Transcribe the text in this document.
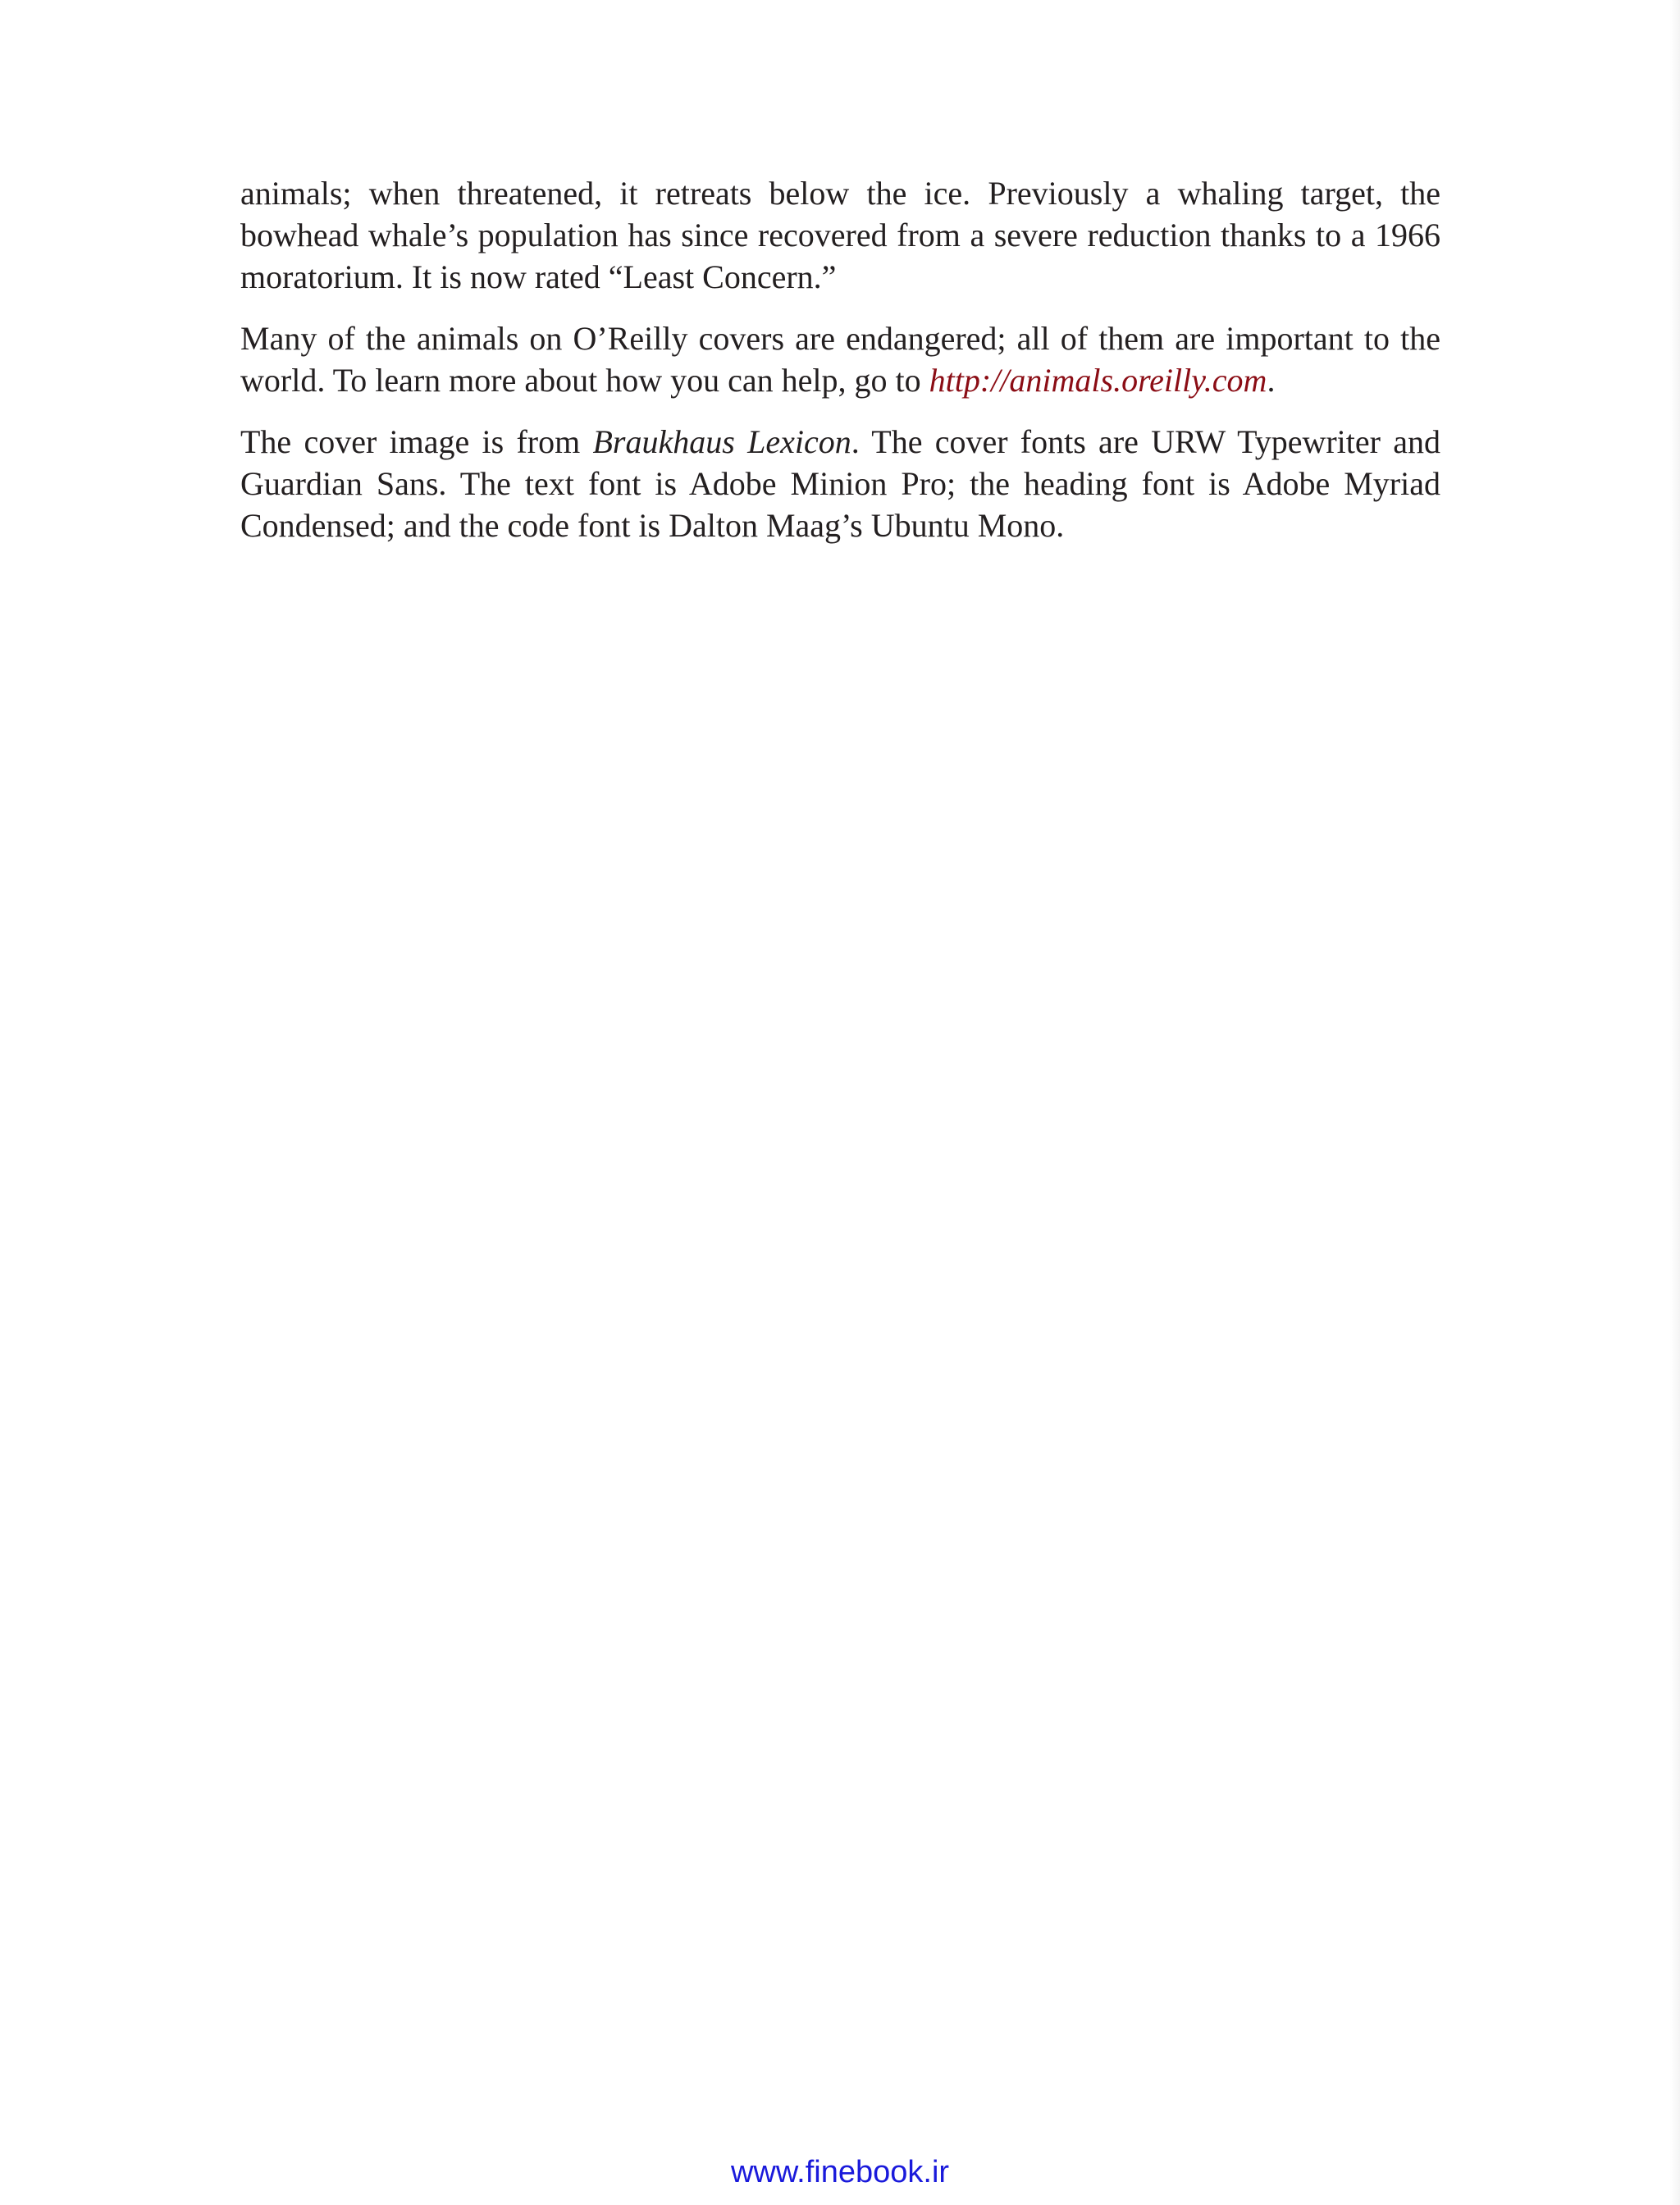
animals; when threatened, it retreats below the ice. Previously a whaling target, the bowhead whale’s population has since recovered from a severe reduction thanks to a 1966 moratorium. It is now rated “Least Concern.”

Many of the animals on O’Reilly covers are endangered; all of them are important to the world. To learn more about how you can help, go to http://animals.oreilly.com.

The cover image is from Braukhaus Lexicon. The cover fonts are URW Typewriter and Guardian Sans. The text font is Adobe Minion Pro; the heading font is Adobe Myriad Condensed; and the code font is Dalton Maag’s Ubuntu Mono.

www.finebook.ir
